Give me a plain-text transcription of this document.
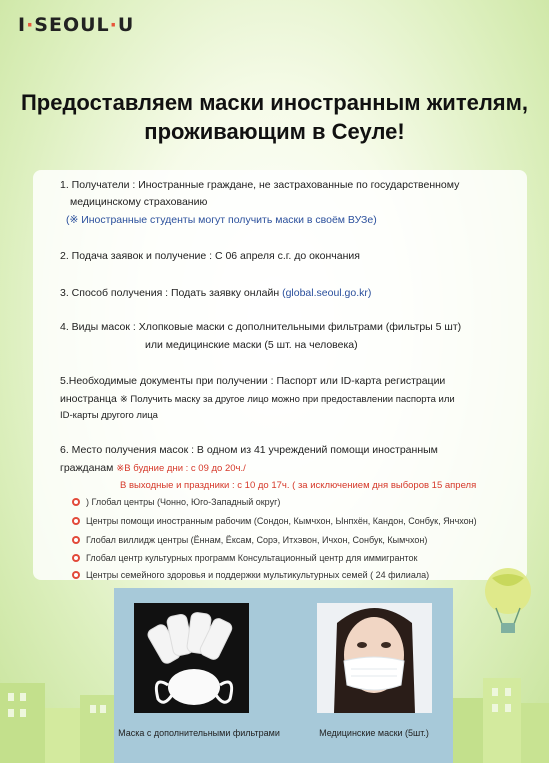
I·SEOUL·U
Предоставляем маски иностранным жителям,
проживающим в Сеуле!
1. Получатели : Иностранные граждане, не застрахованные по государственному
медицинскому страхованию
(※ Иностранные студенты могут получить маски в своём ВУЗе)
2. Подача заявок и получение : С 06 апреля с.г. до окончания
3. Способ получения : Подать заявку онлайн (global.seoul.go.kr)
4. Виды масок : Хлопковые маски с дополнительными фильтрами (фильтры 5 шт)
или медицинские маски (5 шт. на человека)
5.Необходимые документы при получении : Паспорт или ID-карта регистрации
иностранца ※ Получить маску за другое лицо можно при предоставлении паспорта или
ID-карты другого лица
6. Место получения масок : В одном из 41 учреждений помощи иностранным
гражданам ※В будние дни : с 09 до 20ч./
В выходные и праздники : с 10 до 17ч. ( за исключением дня выборов 15 апреля
) Глобал центры (Чонно, Юго-Западный округ)
Центры помощи иностранным рабочим (Сондон, Кымчхон, Ынпхён, Кандон, Сонбук, Янчхон)
Глобал виллидж центры (Ённам, Ёксам, Сорэ, Итхэвон, Ичхон, Сонбук, Кымчхон)
Глобал центр культурных программ Консультационный центр для иммигранток
Центры семейного здоровья и поддержки мультикультурных семей ( 24 филиала)
Маска с дополнительными фильтрами	Медицинские маски (5шт.)
